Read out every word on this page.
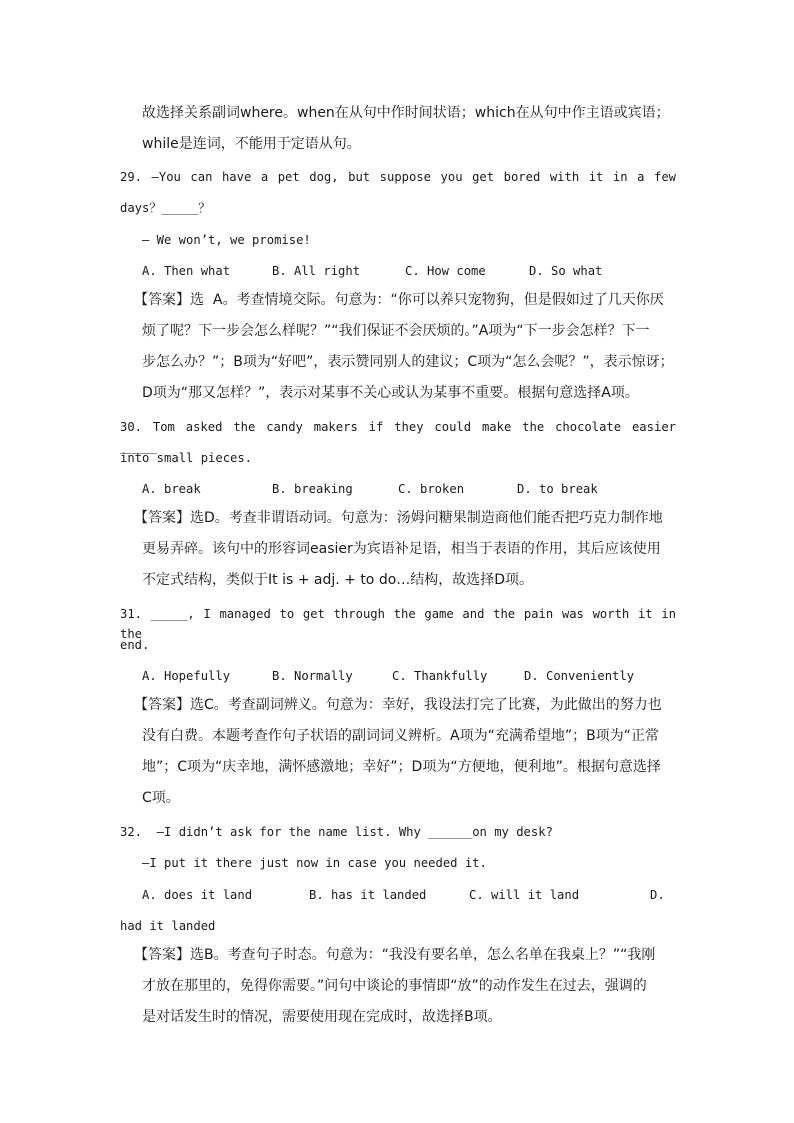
故选择关系副词where。when在从句中作时间状语；which在从句中作主语或宾语；
while是连词，不能用于定语从句。
29. —You can have a pet dog, but suppose you get bored with it in a few
days？_____？
— We won’t, we promise!
A. Then what	B. All right	C. How come	D. So what
【答案】选  A。考查情境交际。句意为：“你可以养只宠物狗，但是假如过了几天你厌
烦了呢？下一步会怎么样呢？”“我们保证不会厌烦的。”A项为“下一步会怎样？下一
步怎么办？”；B项为“好吧”，表示赞同别人的建议；C项为“怎么会呢？”，表示惊讶；
D项为“那又怎样？”，表示对某事不关心或认为某事不重要。根据句意选择A项。
30. Tom asked the candy makers if they could make the chocolate easier _____
into small pieces.
A. break	B. breaking	C. broken	D. to break
【答案】选D。考查非谓语动词。句意为：汤姆问糖果制造商他们能否把巧克力制作地
更易弄碎。该句中的形容词easier为宾语补足语，相当于表语的作用，其后应该使用
不定式结构，类似于It is + adj. + to do…结构，故选择D项。
31. _____, I managed to get through the game and the pain was worth it in the
end.
A. Hopefully	B. Normally	C. Thankfully	D. Conveniently
【答案】选C。考查副词辨义。句意为：幸好，我设法打完了比赛，为此做出的努力也
没有白费。本题考查作句子状语的副词词义辨析。A项为“充满希望地”；B项为“正常
地”；C项为“庆幸地，满怀感激地；幸好”；D项为“方便地，便利地”。根据句意选择
C项。
32.  —I didn’t ask for the name list. Why ______on my desk?
—I put it there just now in case you needed it.
A. does it land	B. has it landed	C. will it land	D.
had it landed
【答案】选B。考查句子时态。句意为：“我没有要名单，怎么名单在我桌上？”“我刚
才放在那里的，免得你需要。”问句中谈论的事情即“放”的动作发生在过去，强调的
是对话发生时的情况，需要使用现在完成时，故选择B项。
